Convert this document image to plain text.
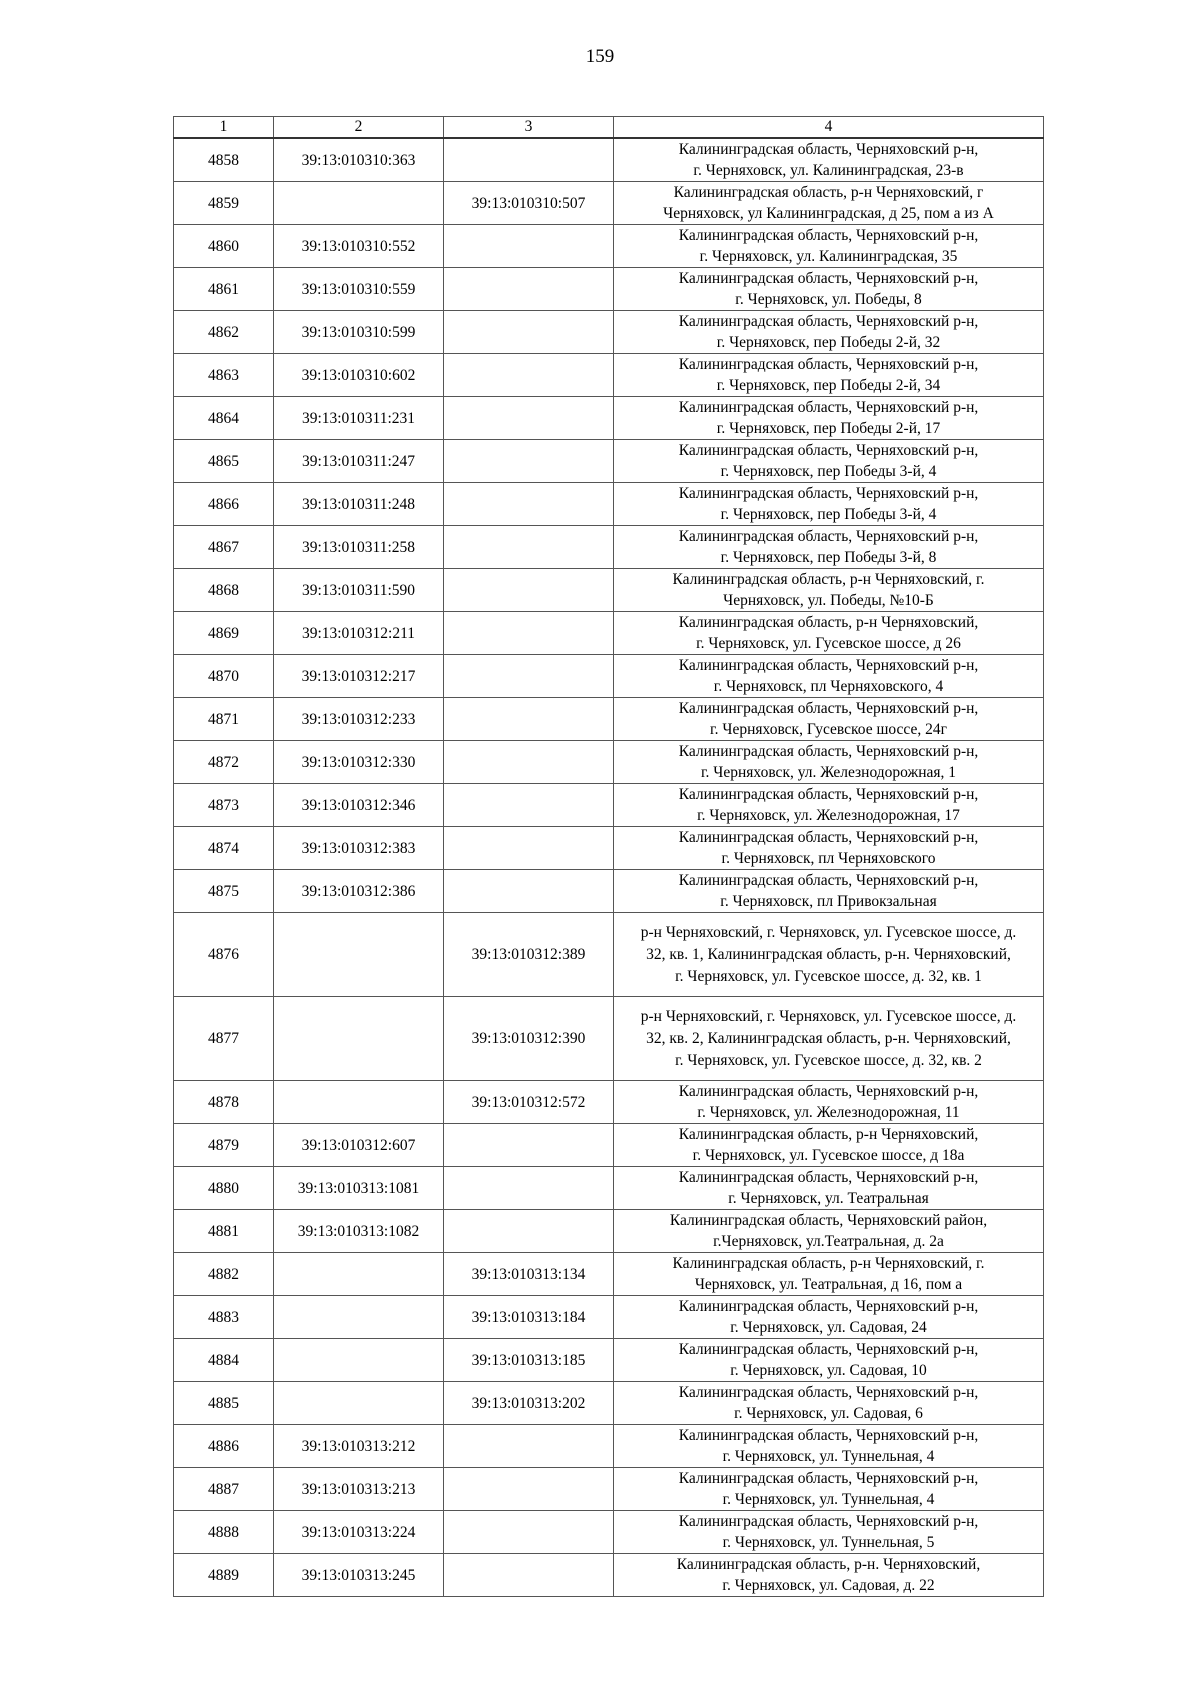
159
1	2	3	4
4858	39:13:010310:363		Калининградская область, Черняховский р-н,
г. Черняховск, ул. Калининградская, 23-в

4859		39:13:010310:507	Калининградская область, р-н Черняховский, г
Черняховск, ул Калининградская, д 25, пом а из А

4860	39:13:010310:552		Калининградская область, Черняховский р-н,
г. Черняховск, ул. Калининградская, 35

4861	39:13:010310:559		Калининградская область, Черняховский р-н,
г. Черняховск, ул. Победы, 8

4862	39:13:010310:599		Калининградская область, Черняховский р-н,
г. Черняховск, пер Победы 2-й, 32

4863	39:13:010310:602		Калининградская область, Черняховский р-н,
г. Черняховск, пер Победы 2-й, 34

4864	39:13:010311:231		Калининградская область, Черняховский р-н,
г. Черняховск, пер Победы 2-й, 17

4865	39:13:010311:247		Калининградская область, Черняховский р-н,
г. Черняховск, пер Победы 3-й, 4

4866	39:13:010311:248		Калининградская область, Черняховский р-н,
г. Черняховск, пер Победы 3-й, 4

4867	39:13:010311:258		Калининградская область, Черняховский р-н,
г. Черняховск, пер Победы 3-й, 8

4868	39:13:010311:590		Калининградская область, р-н Черняховский, г.
Черняховск, ул. Победы, №10-Б

4869	39:13:010312:211		Калининградская область, р-н Черняховский,
г. Черняховск, ул. Гусевское шоссе, д 26

4870	39:13:010312:217		Калининградская область, Черняховский р-н,
г. Черняховск, пл Черняховского, 4

4871	39:13:010312:233		Калининградская область, Черняховский р-н,
г. Черняховск, Гусевское шоссе, 24г

4872	39:13:010312:330		Калининградская область, Черняховский р-н,
г. Черняховск, ул. Железнодорожная, 1

4873	39:13:010312:346		Калининградская область, Черняховский р-н,
г. Черняховск, ул. Железнодорожная, 17

4874	39:13:010312:383		Калининградская область, Черняховский р-н,
г. Черняховск, пл Черняховского

4875	39:13:010312:386		Калининградская область, Черняховский р-н,
г. Черняховск, пл Привокзальная

4876		39:13:010312:389	р-н Черняховский, г. Черняховск, ул. Гусевское шоссе, д.
32, кв. 1, Калининградская область, р-н. Черняховский,
г. Черняховск, ул. Гусевское шоссе, д. 32, кв. 1

4877		39:13:010312:390	р-н Черняховский, г. Черняховск, ул. Гусевское шоссе, д.
32, кв. 2, Калининградская область, р-н. Черняховский,
г. Черняховск, ул. Гусевское шоссе, д. 32, кв. 2

4878		39:13:010312:572	Калининградская область, Черняховский р-н,
г. Черняховск, ул. Железнодорожная, 11

4879	39:13:010312:607		Калининградская область, р-н Черняховский,
г. Черняховск, ул. Гусевское шоссе, д 18а

4880	39:13:010313:1081		Калининградская область, Черняховский р-н,
г. Черняховск, ул. Театральная

4881	39:13:010313:1082		Калининградская область, Черняховский район,
г.Черняховск, ул.Театральная, д. 2а

4882		39:13:010313:134	Калининградская область, р-н Черняховский, г.
Черняховск, ул. Театральная, д 16, пом а

4883		39:13:010313:184	Калининградская область, Черняховский р-н,
г. Черняховск, ул. Садовая, 24

4884		39:13:010313:185	Калининградская область, Черняховский р-н,
г. Черняховск, ул. Садовая, 10

4885		39:13:010313:202	Калининградская область, Черняховский р-н,
г. Черняховск, ул. Садовая, 6

4886	39:13:010313:212		Калининградская область, Черняховский р-н,
г. Черняховск, ул. Туннельная, 4

4887	39:13:010313:213		Калининградская область, Черняховский р-н,
г. Черняховск, ул. Туннельная, 4

4888	39:13:010313:224		Калининградская область, Черняховский р-н,
г. Черняховск, ул. Туннельная, 5

4889	39:13:010313:245		Калининградская область, р-н. Черняховский,
г. Черняховск, ул. Садовая, д. 22
